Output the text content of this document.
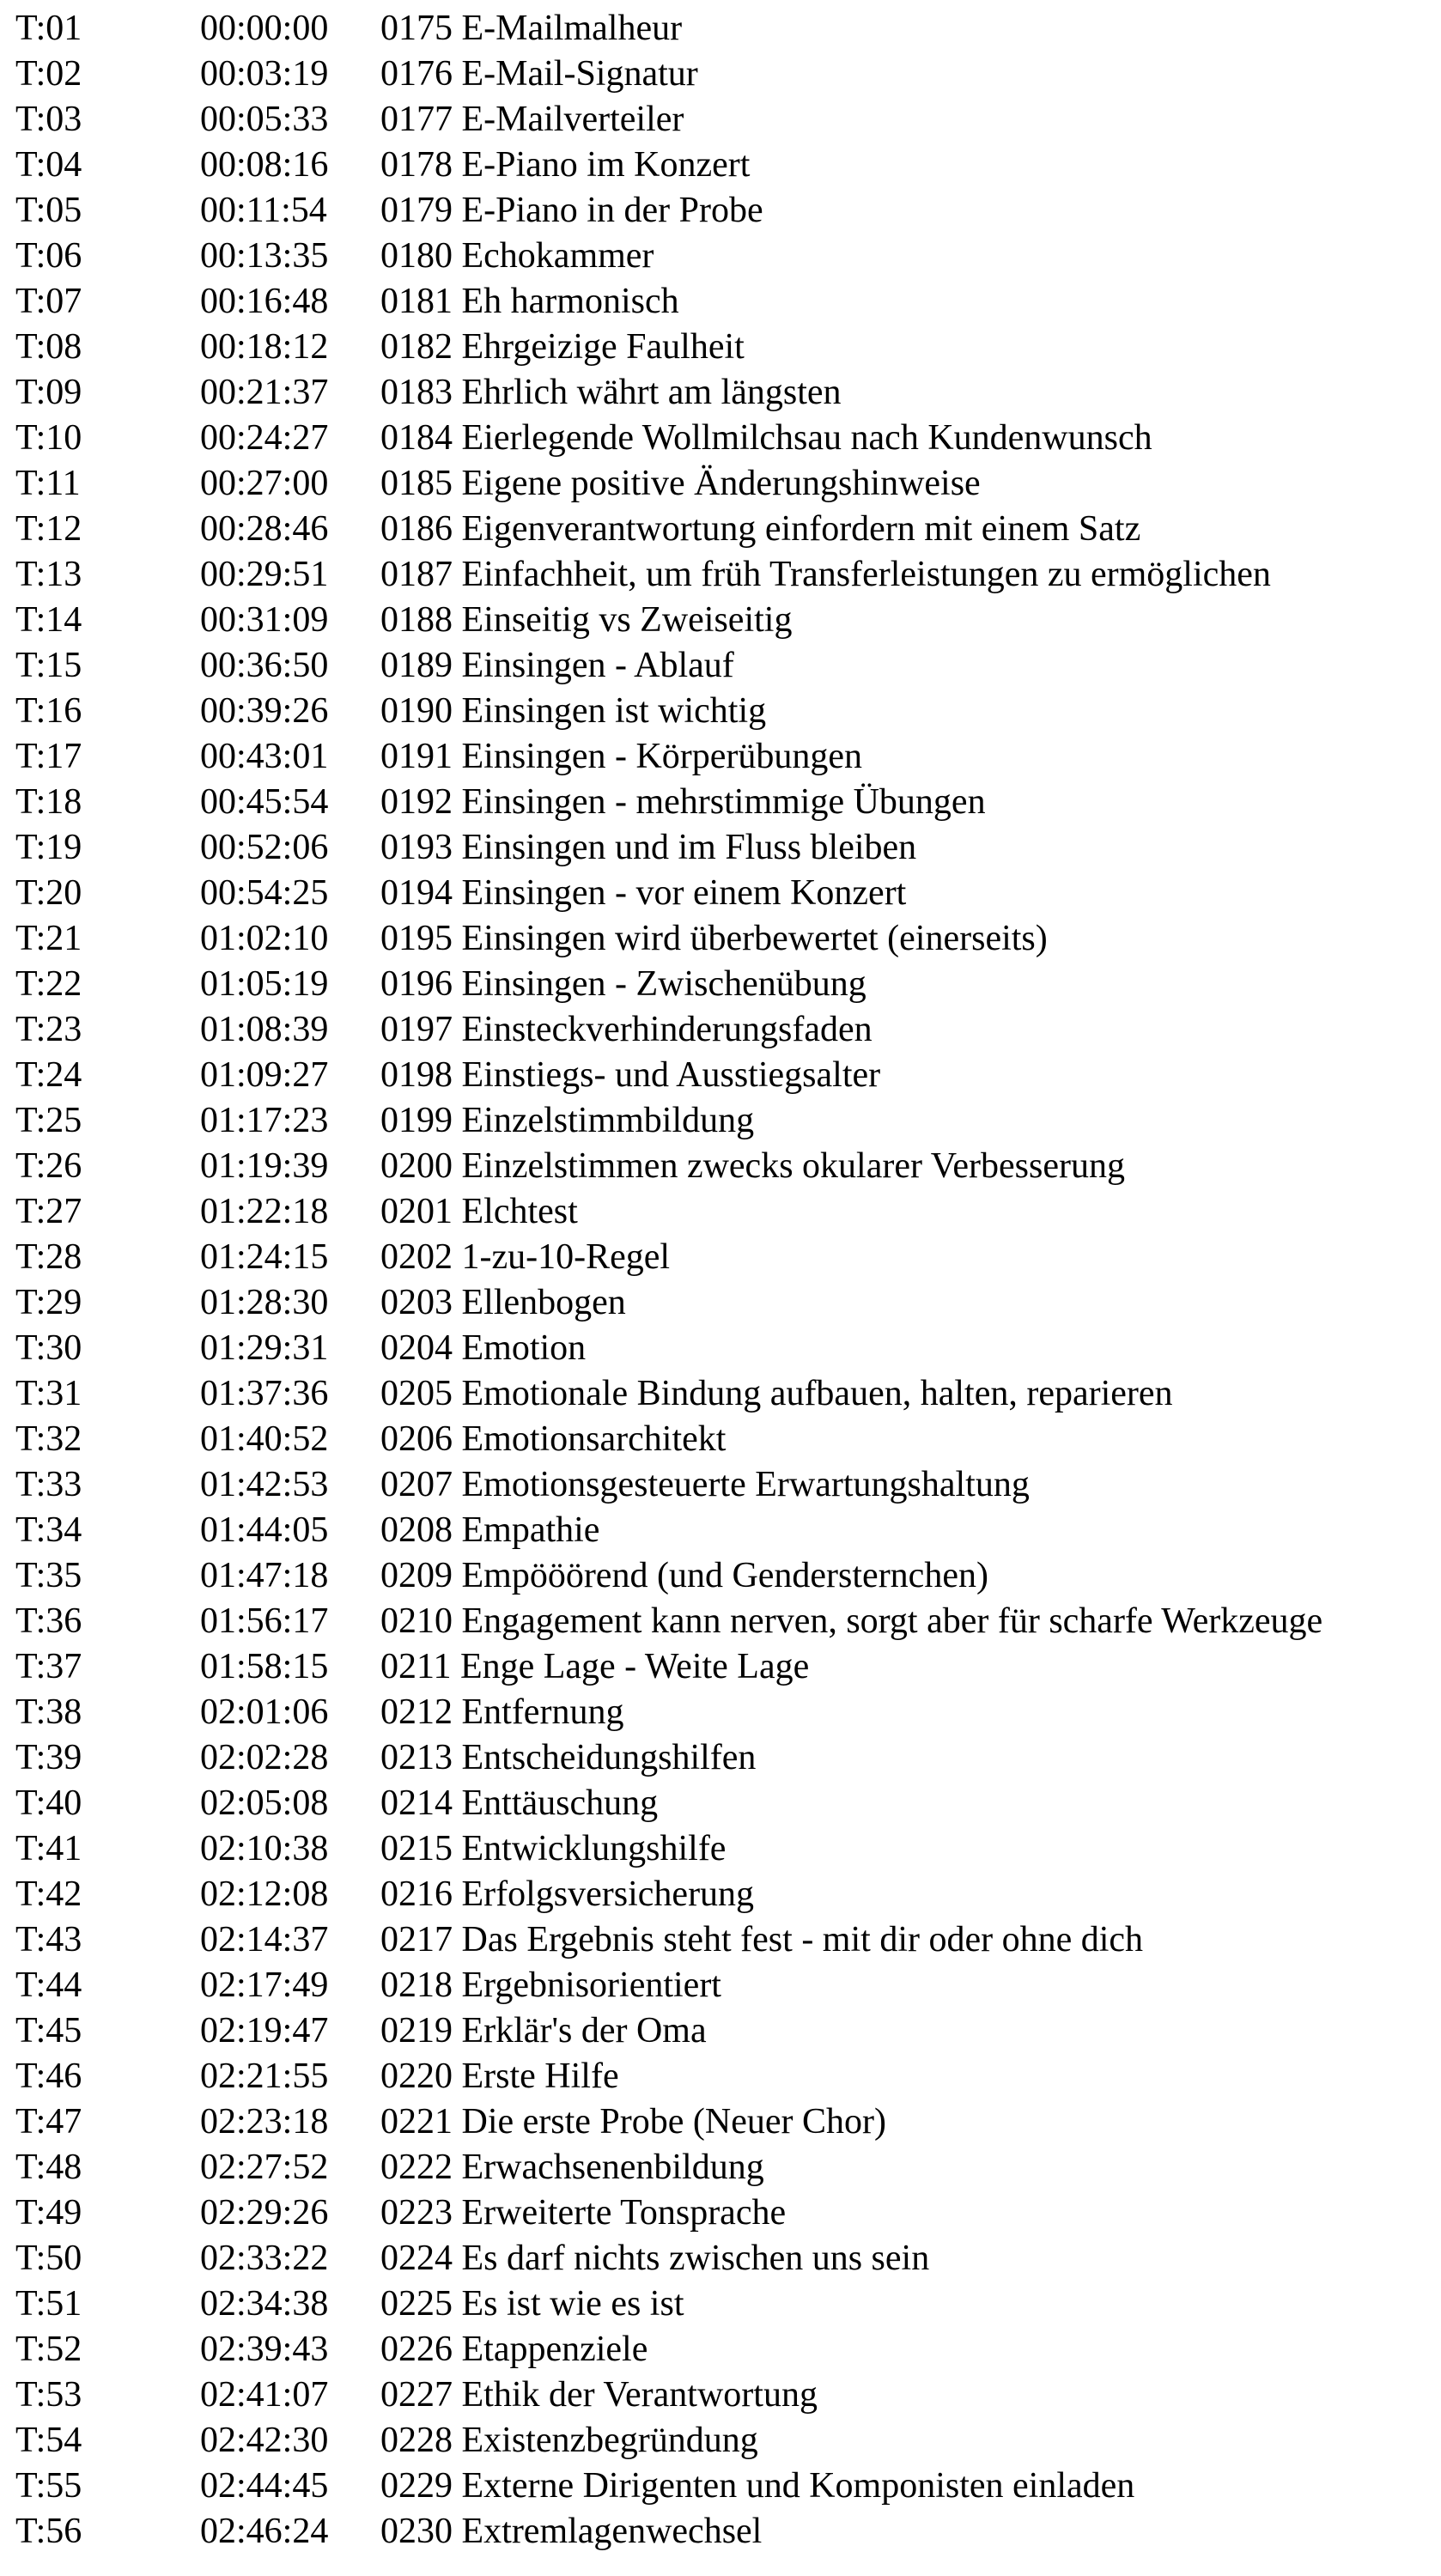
T:01	00:00:00 0175 E-Mailmalheur
T:02	00:03:19 0176 E-Mail-Signatur
T:03	00:05:33 0177 E-Mailverteiler
T:04	00:08:16 0178 E-Piano im Konzert
T:05	00:11:54 0179 E-Piano in der Probe
T:06	00:13:35 0180 Echokammer
T:07	00:16:48 0181 Eh harmonisch
T:08	00:18:12 0182 Ehrgeizige Faulheit
T:09	00:21:37 0183 Ehrlich währt am längsten
T:10	00:24:27 0184 Eierlegende Wollmilchsau nach Kundenwunsch
T:11	00:27:00 0185 Eigene positive Änderungshinweise
T:12	00:28:46 0186 Eigenverantwortung einfordern mit einem Satz
T:13	00:29:51 0187 Einfachheit, um früh Transferleistungen zu ermöglichen
T:14	00:31:09 0188 Einseitig vs Zweiseitig
T:15	00:36:50 0189 Einsingen - Ablauf
T:16	00:39:26 0190 Einsingen ist wichtig
T:17	00:43:01 0191 Einsingen - Körperübungen
T:18	00:45:54 0192 Einsingen - mehrstimmige Übungen
T:19	00:52:06 0193 Einsingen und im Fluss bleiben
T:20	00:54:25 0194 Einsingen - vor einem Konzert
T:21	01:02:10 0195 Einsingen wird überbewertet (einerseits)
T:22	01:05:19 0196 Einsingen - Zwischenübung
T:23	01:08:39 0197 Einsteckverhinderungsfaden
T:24	01:09:27 0198 Einstiegs- und Ausstiegsalter
T:25	01:17:23 0199 Einzelstimmbildung
T:26	01:19:39 0200 Einzelstimmen zwecks okularer Verbesserung
T:27	01:22:18 0201 Elchtest
T:28	01:24:15 0202 1-zu-10-Regel
T:29	01:28:30 0203 Ellenbogen
T:30	01:29:31 0204 Emotion
T:31	01:37:36 0205 Emotionale Bindung aufbauen, halten, reparieren
T:32	01:40:52 0206 Emotionsarchitekt
T:33	01:42:53 0207 Emotionsgesteuerte Erwartungshaltung
T:34	01:44:05 0208 Empathie
T:35	01:47:18 0209 Empööörend (und Gendersternchen)
T:36	01:56:17 0210 Engagement kann nerven, sorgt aber für scharfe Werkzeuge
T:37	01:58:15 0211 Enge Lage - Weite Lage
T:38	02:01:06 0212 Entfernung
T:39	02:02:28 0213 Entscheidungshilfen
T:40	02:05:08 0214 Enttäuschung
T:41	02:10:38 0215 Entwicklungshilfe
T:42	02:12:08 0216 Erfolgsversicherung
T:43	02:14:37 0217 Das Ergebnis steht fest - mit dir oder ohne dich
T:44	02:17:49 0218 Ergebnisorientiert
T:45	02:19:47 0219 Erklär's der Oma
T:46	02:21:55 0220 Erste Hilfe
T:47	02:23:18 0221 Die erste Probe (Neuer Chor)
T:48	02:27:52 0222 Erwachsenenbildung
T:49	02:29:26 0223 Erweiterte Tonsprache
T:50	02:33:22 0224 Es darf nichts zwischen uns sein
T:51	02:34:38 0225 Es ist wie es ist
T:52	02:39:43 0226 Etappenziele
T:53	02:41:07 0227 Ethik der Verantwortung
T:54	02:42:30 0228 Existenzbegründung
T:55	02:44:45 0229 Externe Dirigenten und Komponisten einladen
T:56	02:46:24 0230 Extremlagenwechsel
